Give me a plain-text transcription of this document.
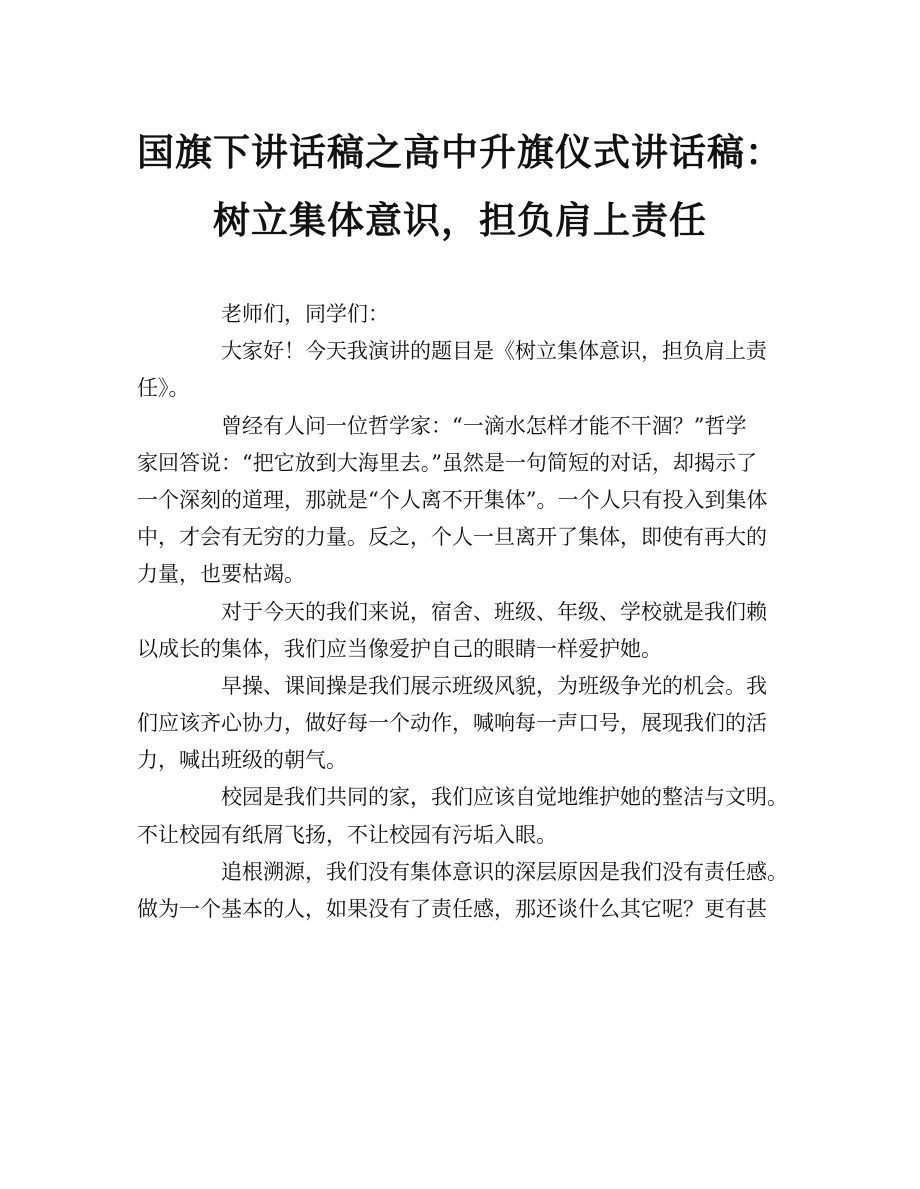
国旗下讲话稿之高中升旗仪式讲话稿：
树立集体意识，担负肩上责任
老师们，同学们：
大家好！今天我演讲的题目是《树立集体意识，担负肩上责
任》。
曾经有人问一位哲学家：“一滴水怎样才能不干涸？”哲学
家回答说：“把它放到大海里去。”虽然是一句简短的对话，却揭示了
一个深刻的道理，那就是“个人离不开集体”。一个人只有投入到集体
中，才会有无穷的力量。反之，个人一旦离开了集体，即使有再大的
力量，也要枯竭。
对于今天的我们来说，宿舍、班级、年级、学校就是我们赖
以成长的集体，我们应当像爱护自己的眼睛一样爱护她。
早操、课间操是我们展示班级风貌，为班级争光的机会。我
们应该齐心协力，做好每一个动作，喊响每一声口号，展现我们的活
力，喊出班级的朝气。
校园是我们共同的家，我们应该自觉地维护她的整洁与文明。
不让校园有纸屑飞扬，不让校园有污垢入眼。
追根溯源，我们没有集体意识的深层原因是我们没有责任感。
做为一个基本的人，如果没有了责任感，那还谈什么其它呢？更有甚
